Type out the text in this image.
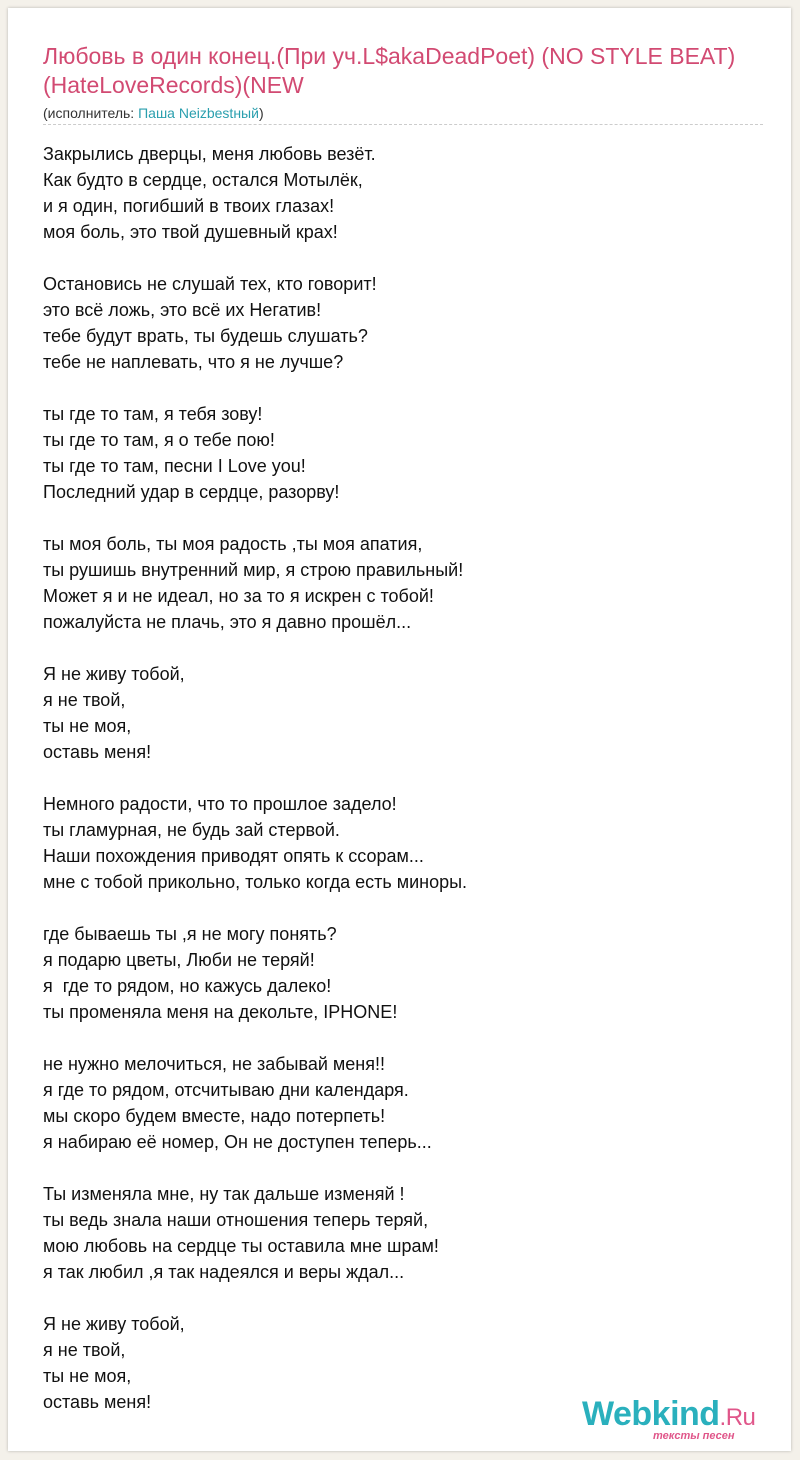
Любовь в один конец.(При уч.L$akaDeadPoet) (NO STYLE BEAT)(HateLoveRecords)(NEW
(исполнитель: Паша Neizbestный)
Закрылись дверцы, меня любовь везёт.
Как будто в сердце, остался Мотылёк,
и я один, погибший в твоих глазах!
моя боль, это твой душевный крах!
Остановись не слушай тех, кто говорит!
это всё ложь, это всё их Негатив!
тебе будут врать, ты будешь слушать?
тебе не наплевать, что я не лучше?
ты где то там, я тебя зову!
ты где то там, я о тебе пою!
ты где то там, песни I Love you!
Последний удар в сердце, разорву!
ты моя боль, ты моя радость ,ты моя апатия,
ты рушишь внутренний мир, я строю правильный!
Может я и не идеал, но за то я искрен с тобой!
пожалуйста не плачь, это я давно прошёл...
Я не живу тобой,
я не твой,
ты не моя,
оставь меня!
Немного радости, что то прошлое задело!
ты гламурная, не будь зай стервой.
Наши похождения приводят опять к ссорам...
мне с тобой прикольно, только когда есть миноры.
где бываешь ты ,я не могу понять?
я подарю цветы, Люби не теряй!
я  где то рядом, но кажусь далеко!
ты променяла меня на декольте, IPHONE!
не нужно мелочиться, не забывай меня!!
я где то рядом, отсчитываю дни календаря.
мы скоро будем вместе, надо потерпеть!
я набираю её номер, Он не доступен теперь...
Ты изменяла мне, ну так дальше изменяй !
ты ведь знала наши отношения теперь теряй,
мою любовь на сердце ты оставила мне шрам!
я так любил ,я так надеялся и веры ждал...
Я не живу тобой,
я не твой,
ты не моя,
оставь меня!	Webkind.Ru
тексты песен
